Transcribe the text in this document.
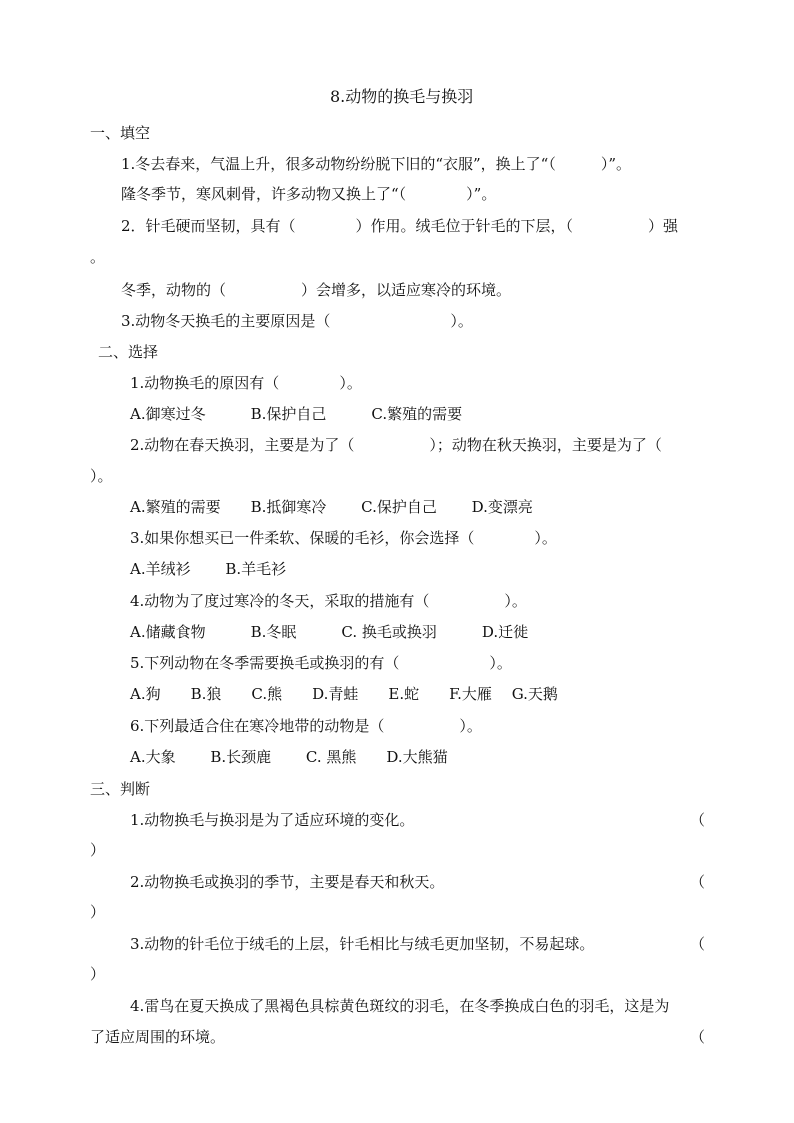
8.动物的换毛与换羽
一、填空
1.冬去春来，气温上升，很多动物纷纷脱下旧的“衣服”，换上了“（　　　）”。
隆冬季节，寒风刺骨，许多动物又换上了“（　　　　）”。
2．针毛硬而坚韧，具有（　　　　）作用。绒毛位于针毛的下层，（　　　　　）强
。
冬季，动物的（　　　　　）会增多，以适应寒冷的环境。
3.动物冬天换毛的主要原因是（　　　　　　　　）。
二、选择
1.动物换毛的原因有（　　　　）。
A.御寒过冬　　　B.保护自己　　　C.繁殖的需要
2.动物在春天换羽，主要是为了（　　　　　）；动物在秋天换羽，主要是为了（
）。
A.繁殖的需要　　B.抵御寒冷　　 C.保护自己　　 D.变漂亮
3.如果你想买已一件柔软、保暖的毛衫，你会选择（　　　　）。
A.羊绒衫　　 B.羊毛衫
4.动物为了度过寒冷的冬天，采取的措施有（　　　　　）。
A.储藏食物　　　B.冬眠　　　C. 换毛或换羽　　　D.迁徙
5.下列动物在冬季需要换毛或换羽的有（　　　　　　）。
A.狗　　B.狼　　C.熊　　D.青蛙　　E.蛇　　F.大雁　 G.天鹅
6.下列最适合住在寒冷地带的动物是（　　　　　）。
A.大象　　 B.长颈鹿　　 C. 黑熊　　D.大熊猫
三、判断
1.动物换毛与换羽是为了适应环境的变化。	（
）
2.动物换毛或换羽的季节，主要是春天和秋天。	（
）
3.动物的针毛位于绒毛的上层，针毛相比与绒毛更加坚韧，不易起球。	（
）
4.雷鸟在夏天换成了黑褐色具棕黄色斑纹的羽毛，在冬季换成白色的羽毛，这是为
了适应周围的环境。	（
